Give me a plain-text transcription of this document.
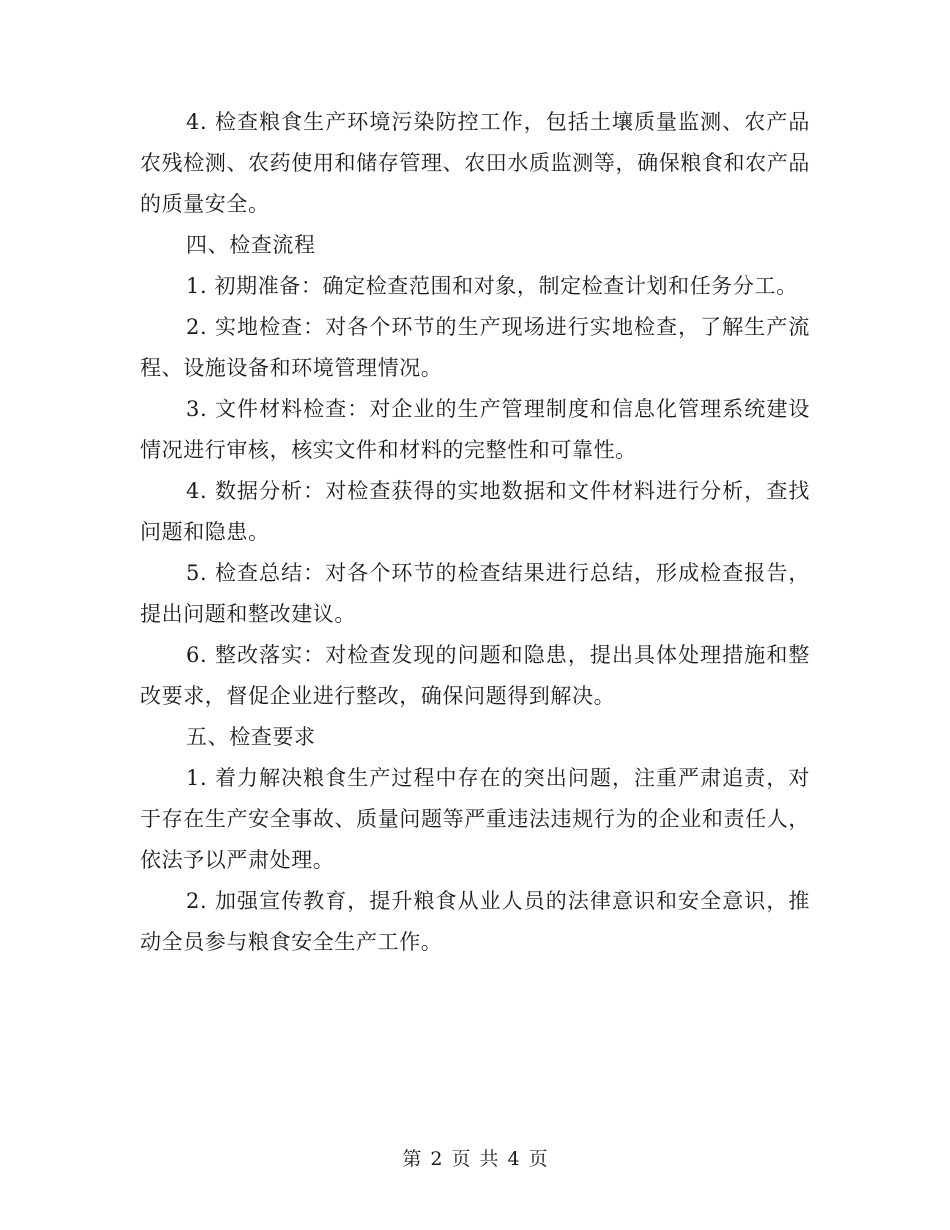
4. 检查粮食生产环境污染防控工作，包括土壤质量监测、农产品农残检测、农药使用和储存管理、农田水质监测等，确保粮食和农产品的质量安全。

四、检查流程

1. 初期准备：确定检查范围和对象，制定检查计划和任务分工。

2. 实地检查：对各个环节的生产现场进行实地检查，了解生产流程、设施设备和环境管理情况。

3. 文件材料检查：对企业的生产管理制度和信息化管理系统建设情况进行审核，核实文件和材料的完整性和可靠性。

4. 数据分析：对检查获得的实地数据和文件材料进行分析，查找问题和隐患。

5. 检查总结：对各个环节的检查结果进行总结，形成检查报告，提出问题和整改建议。

6. 整改落实：对检查发现的问题和隐患，提出具体处理措施和整改要求，督促企业进行整改，确保问题得到解决。

五、检查要求

1. 着力解决粮食生产过程中存在的突出问题，注重严肃追责，对于存在生产安全事故、质量问题等严重违法违规行为的企业和责任人，依法予以严肃处理。

2. 加强宣传教育，提升粮食从业人员的法律意识和安全意识，推动全员参与粮食安全生产工作。

第 2 页 共 4 页
